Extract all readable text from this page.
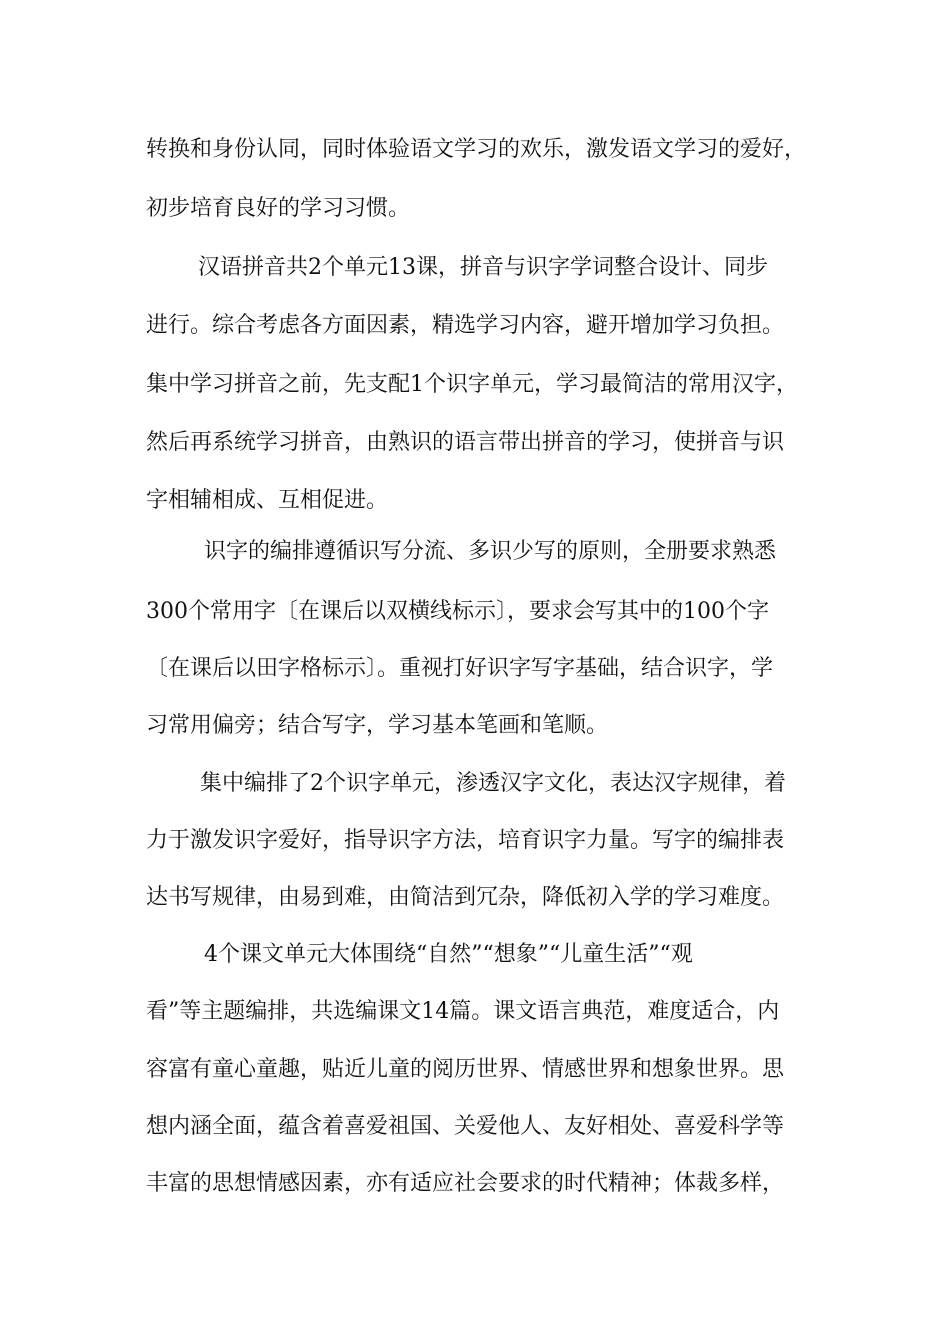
转换和身份认同，同时体验语文学习的欢乐，激发语文学习的爱好，

初步培育良好的学习习惯。

汉语拼音共2个单元13课，拼音与识字学词整合设计、同步

进行。综合考虑各方面因素，精选学习内容，避开增加学习负担。

集中学习拼音之前，先支配1个识字单元，学习最简洁的常用汉字，

然后再系统学习拼音，由熟识的语言带出拼音的学习，使拼音与识

字相辅相成、互相促进。

识字的编排遵循识写分流、多识少写的原则，全册要求熟悉

300个常用字〔在课后以双横线标示〕，要求会写其中的100个字

〔在课后以田字格标示〕。重视打好识字写字基础，结合识字，学

习常用偏旁；结合写字，学习基本笔画和笔顺。

集中编排了2个识字单元，渗透汉字文化，表达汉字规律，着

力于激发识字爱好，指导识字方法，培育识字力量。写字的编排表

达书写规律，由易到难，由简洁到冗杂，降低初入学的学习难度。

4个课文单元大体围绕“自然”“想象”“儿童生活”“观

看”等主题编排，共选编课文14篇。课文语言典范，难度适合，内

容富有童心童趣，贴近儿童的阅历世界、情感世界和想象世界。思

想内涵全面，蕴含着喜爱祖国、关爱他人、友好相处、喜爱科学等

丰富的思想情感因素，亦有适应社会要求的时代精神；体裁多样，
